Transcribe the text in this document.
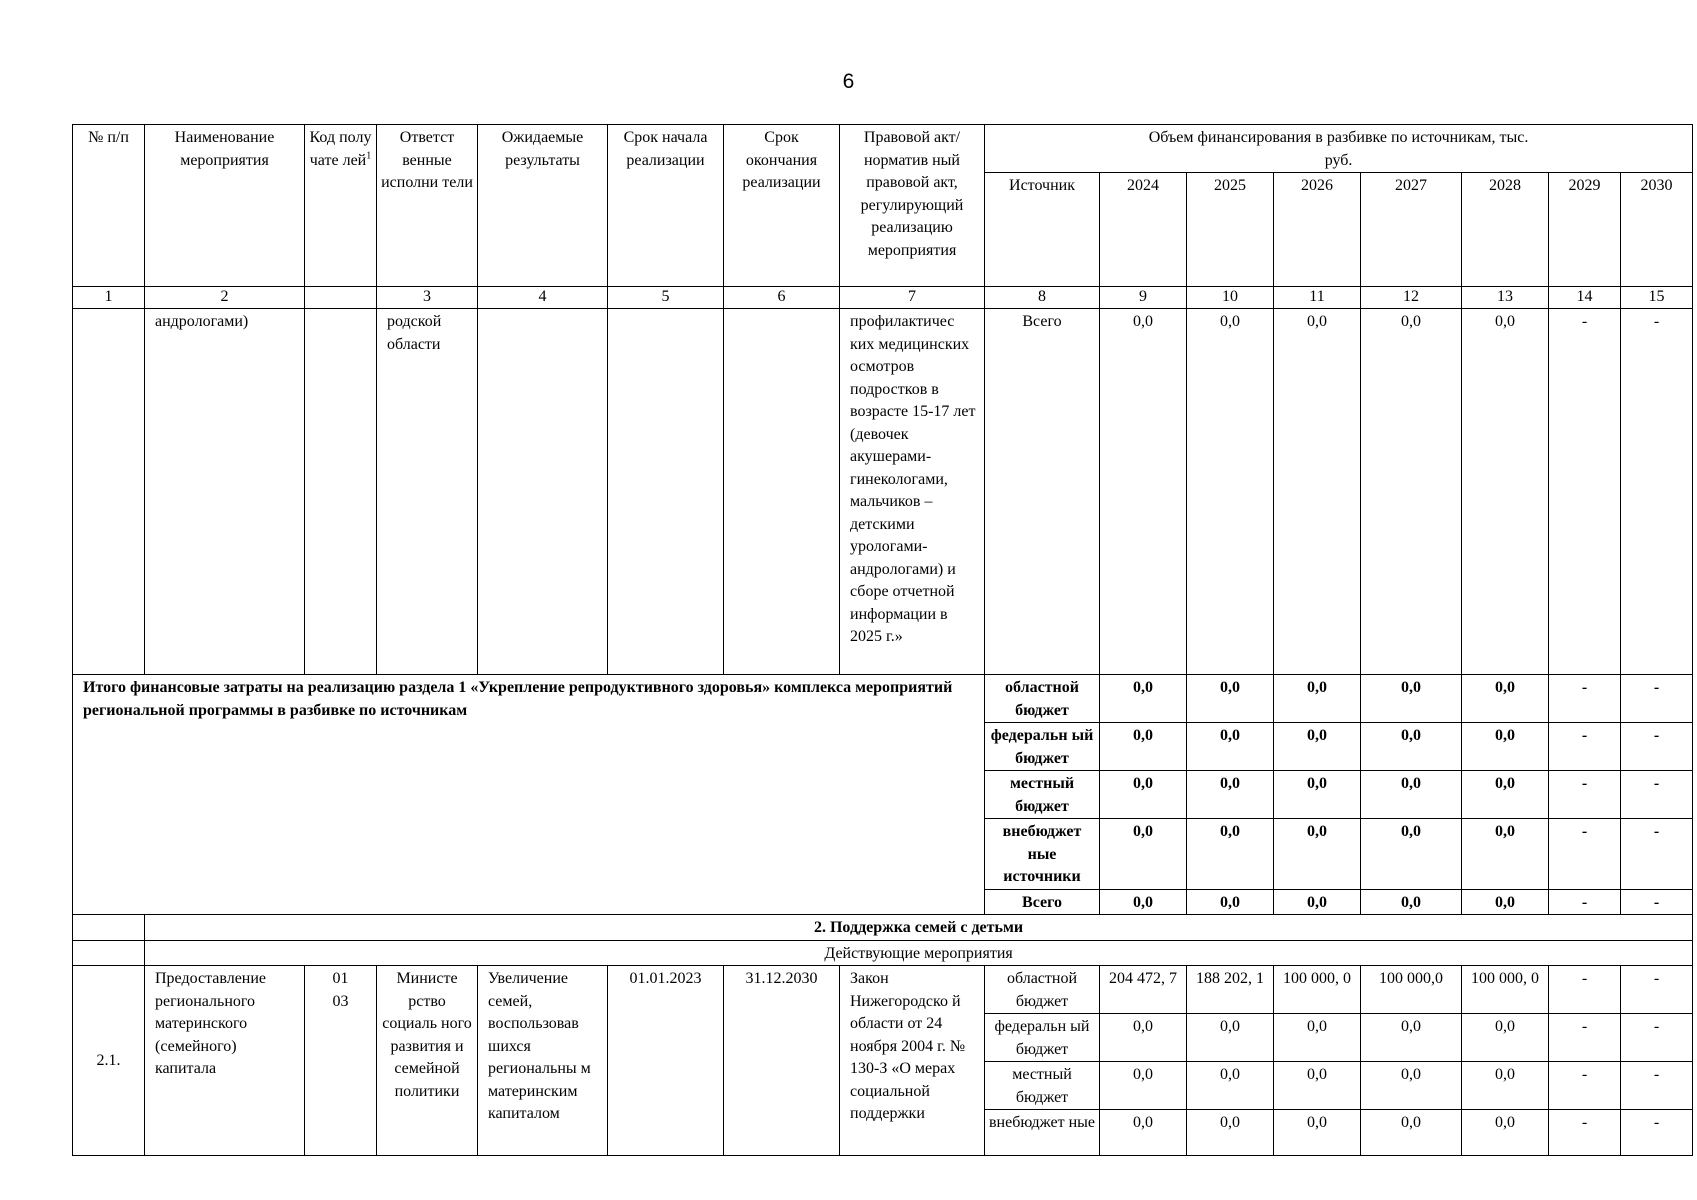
6
№ п/п	Наименование мероприятия	Код полу чате лей$^1$	Ответст венные исполни тели	Ожидаемые результаты	Срок начала реализации	Срок окончания реализации	Правовой акт/норматив ный правовой акт, регулирующий реализацию мероприятия	Объем финансирования в разбивке по источникам, тыс. руб.							
								Источник	2024	2025	2026	2027	2028	2029	2030
1	2		3	4	5	6	7	8	9	10	11	12	13	14	15
	андрологами)		родской области				профилактичес ких медицинских осмотров подростков в возрасте 15-17 лет (девочек акушерами-гинекологами, мальчиков – детскими урологами-андрологами) и сборе отчетной информации в 2025 г.»	Всего	0,0	0,0	0,0	0,0	0,0	-	-
Итого финансовые затраты на реализацию раздела 1 «Укрепление репродуктивного здоровья» комплекса мероприятий региональной программы в разбивке по источникам								областной бюджет	0,0	0,0	0,0	0,0	0,0	-	-
								федеральн ый бюджет	0,0	0,0	0,0	0,0	0,0	-	-
								местный бюджет	0,0	0,0	0,0	0,0	0,0	-	-
								внебюджет ные источники	0,0	0,0	0,0	0,0	0,0	-	-
								Всего	0,0	0,0	0,0	0,0	0,0	-	-
	2. Поддержка семей с детьми														
	Действующие мероприятия														
2.1.	Предоставление регионального материнского (семейного) капитала	01 03	Министе рство социаль ного развития и семейной политики	Увеличение семей, воспользовав шихся региональны м материнским капиталом	01.01.2023	31.12.2030	Закон Нижегородско й области от 24 ноября 2004 г. № 130-З «О мерах социальной поддержки	областной бюджет	204 472, 7	188 202, 1	100 000, 0	100 000,0	100 000, 0	-	-
								федеральн ый бюджет	0,0	0,0	0,0	0,0	0,0	-	-
								местный бюджет	0,0	0,0	0,0	0,0	0,0	-	-
								внебюджет ные	0,0	0,0	0,0	0,0	0,0	-	-
